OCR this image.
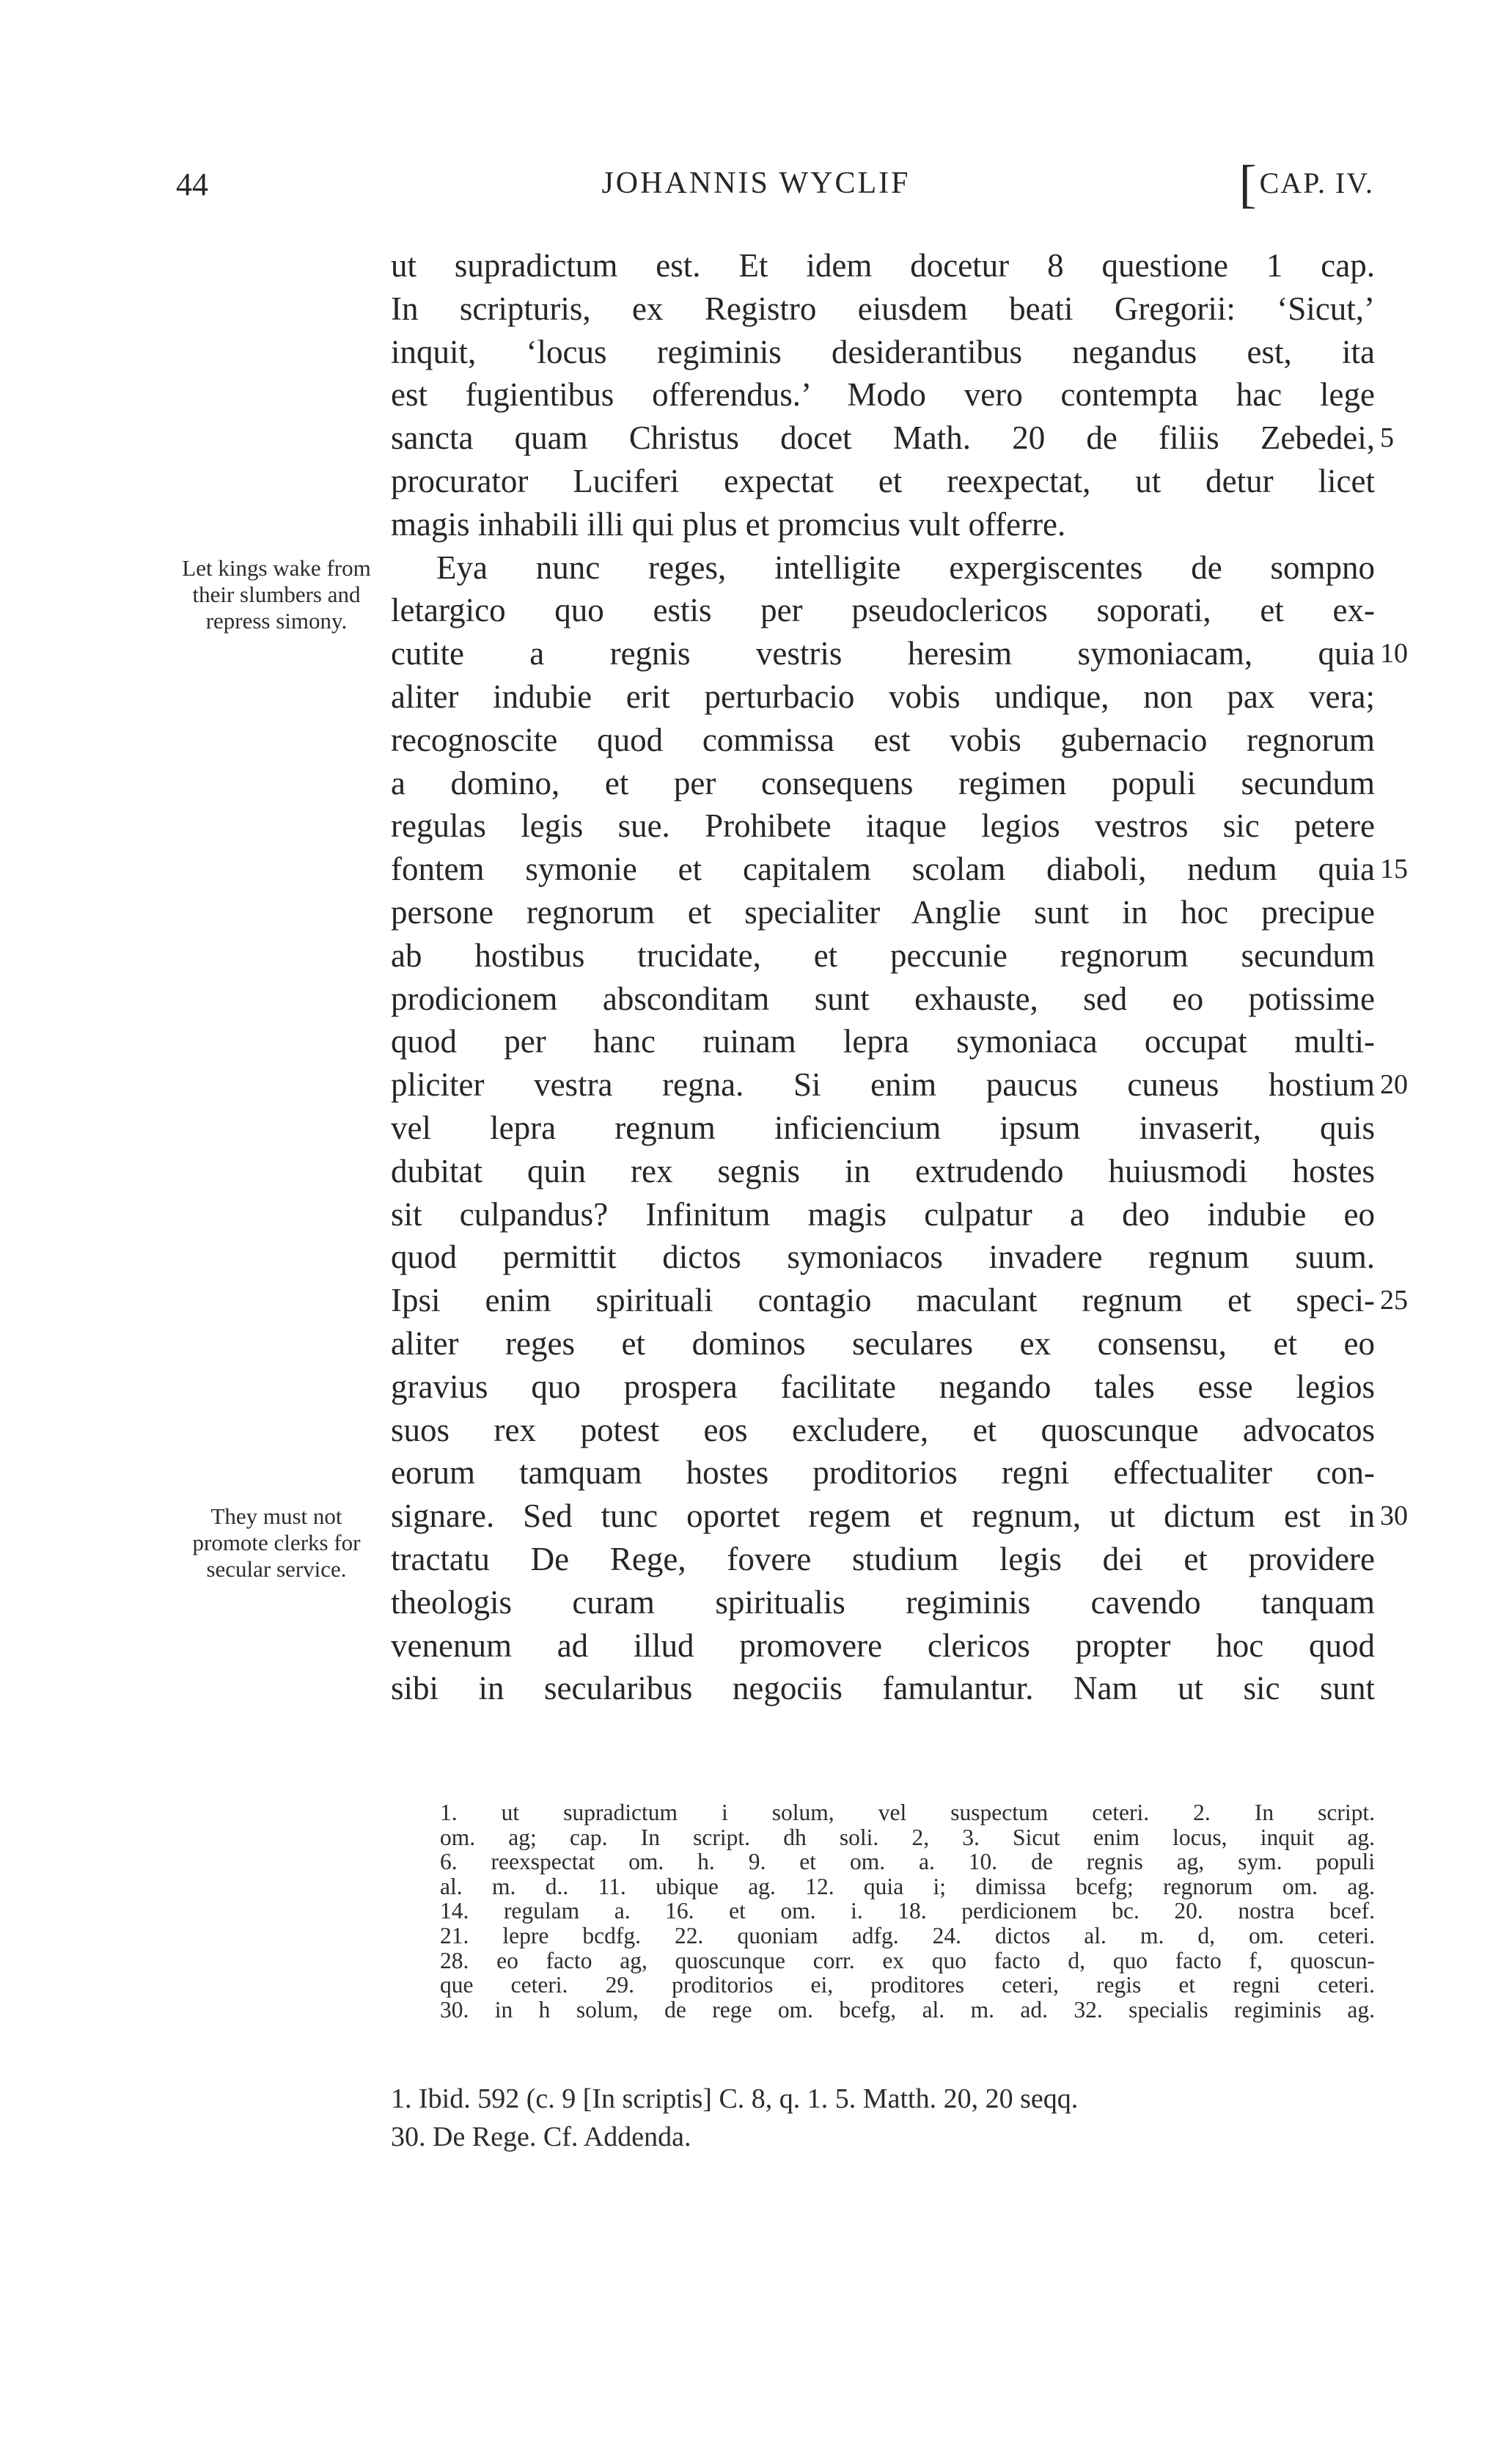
44	JOHANNIS WYCLIF	[CAP. IV.
ut supradictum est. Et idem docetur 8 questione 1 cap.
In scripturis, ex Registro eiusdem beati Gregorii: ‘Sicut,’
inquit, ‘locus regiminis desiderantibus negandus est, ita
est fugientibus offerendus.’ Modo vero contempta hac lege
sancta quam Christus docet Math. 20 de filiis Zebedei,
procurator Luciferi expectat et reexpectat, ut detur licet
magis inhabili illi qui plus et promcius vult offerre.
Eya nunc reges, intelligite expergiscentes de sompno
letargico quo estis per pseudoclericos soporati, et ex-
cutite a regnis vestris heresim symoniacam, quia
aliter indubie erit perturbacio vobis undique, non pax vera;
recognoscite quod commissa est vobis gubernacio regnorum
a domino, et per consequens regimen populi secundum
regulas legis sue. Prohibete itaque legios vestros sic petere
fontem symonie et capitalem scolam diaboli, nedum quia
persone regnorum et specialiter Anglie sunt in hoc precipue
ab hostibus trucidate, et peccunie regnorum secundum
prodicionem absconditam sunt exhauste, sed eo potissime
quod per hanc ruinam lepra symoniaca occupat multi-
pliciter vestra regna. Si enim paucus cuneus hostium
vel lepra regnum inficiencium ipsum invaserit, quis
dubitat quin rex segnis in extrudendo huiusmodi hostes
sit culpandus? Infinitum magis culpatur a deo indubie eo
quod permittit dictos symoniacos invadere regnum suum.
Ipsi enim spirituali contagio maculant regnum et speci-
aliter reges et dominos seculares ex consensu, et eo
gravius quo prospera facilitate negando tales esse legios
suos rex potest eos excludere, et quoscunque advocatos
eorum tamquam hostes proditorios regni effectualiter con-
signare. Sed tunc oportet regem et regnum, ut dictum est in
tractatu De Rege, fovere studium legis dei et providere
theologis curam spiritualis regiminis cavendo tanquam
venenum ad illud promovere clericos propter hoc quod
sibi in secularibus negociis famulantur. Nam ut sic sunt
5
10
15
20
25
30
Let kings wake from their slumbers and repress simony.
They must not promote clerks for secular service.
1. ut supradictum i solum, vel suspectum ceteri. 2. In script.
om. ag; cap. In script. dh soli. 2, 3. Sicut enim locus, inquit ag.
6. reexspectat om. h. 9. et om. a. 10. de regnis ag, sym. populi
al. m. d.. 11. ubique ag. 12. quia i; dimissa bcefg; regnorum om. ag.
14. regulam a. 16. et om. i. 18. perdicionem bc. 20. nostra bcef.
21. lepre bcdfg. 22. quoniam adfg. 24. dictos al. m. d, om. ceteri.
28. eo facto ag, quoscunque corr. ex quo facto d, quo facto f, quoscun-
que ceteri. 29. proditorios ei, proditores ceteri, regis et regni ceteri.
30. in h solum, de rege om. bcefg, al. m. ad. 32. specialis regiminis ag.
1. Ibid. 592 (c. 9 [In scriptis] C. 8, q. 1. 5. Matth. 20, 20 seqq.
30. De Rege. Cf. Addenda.
